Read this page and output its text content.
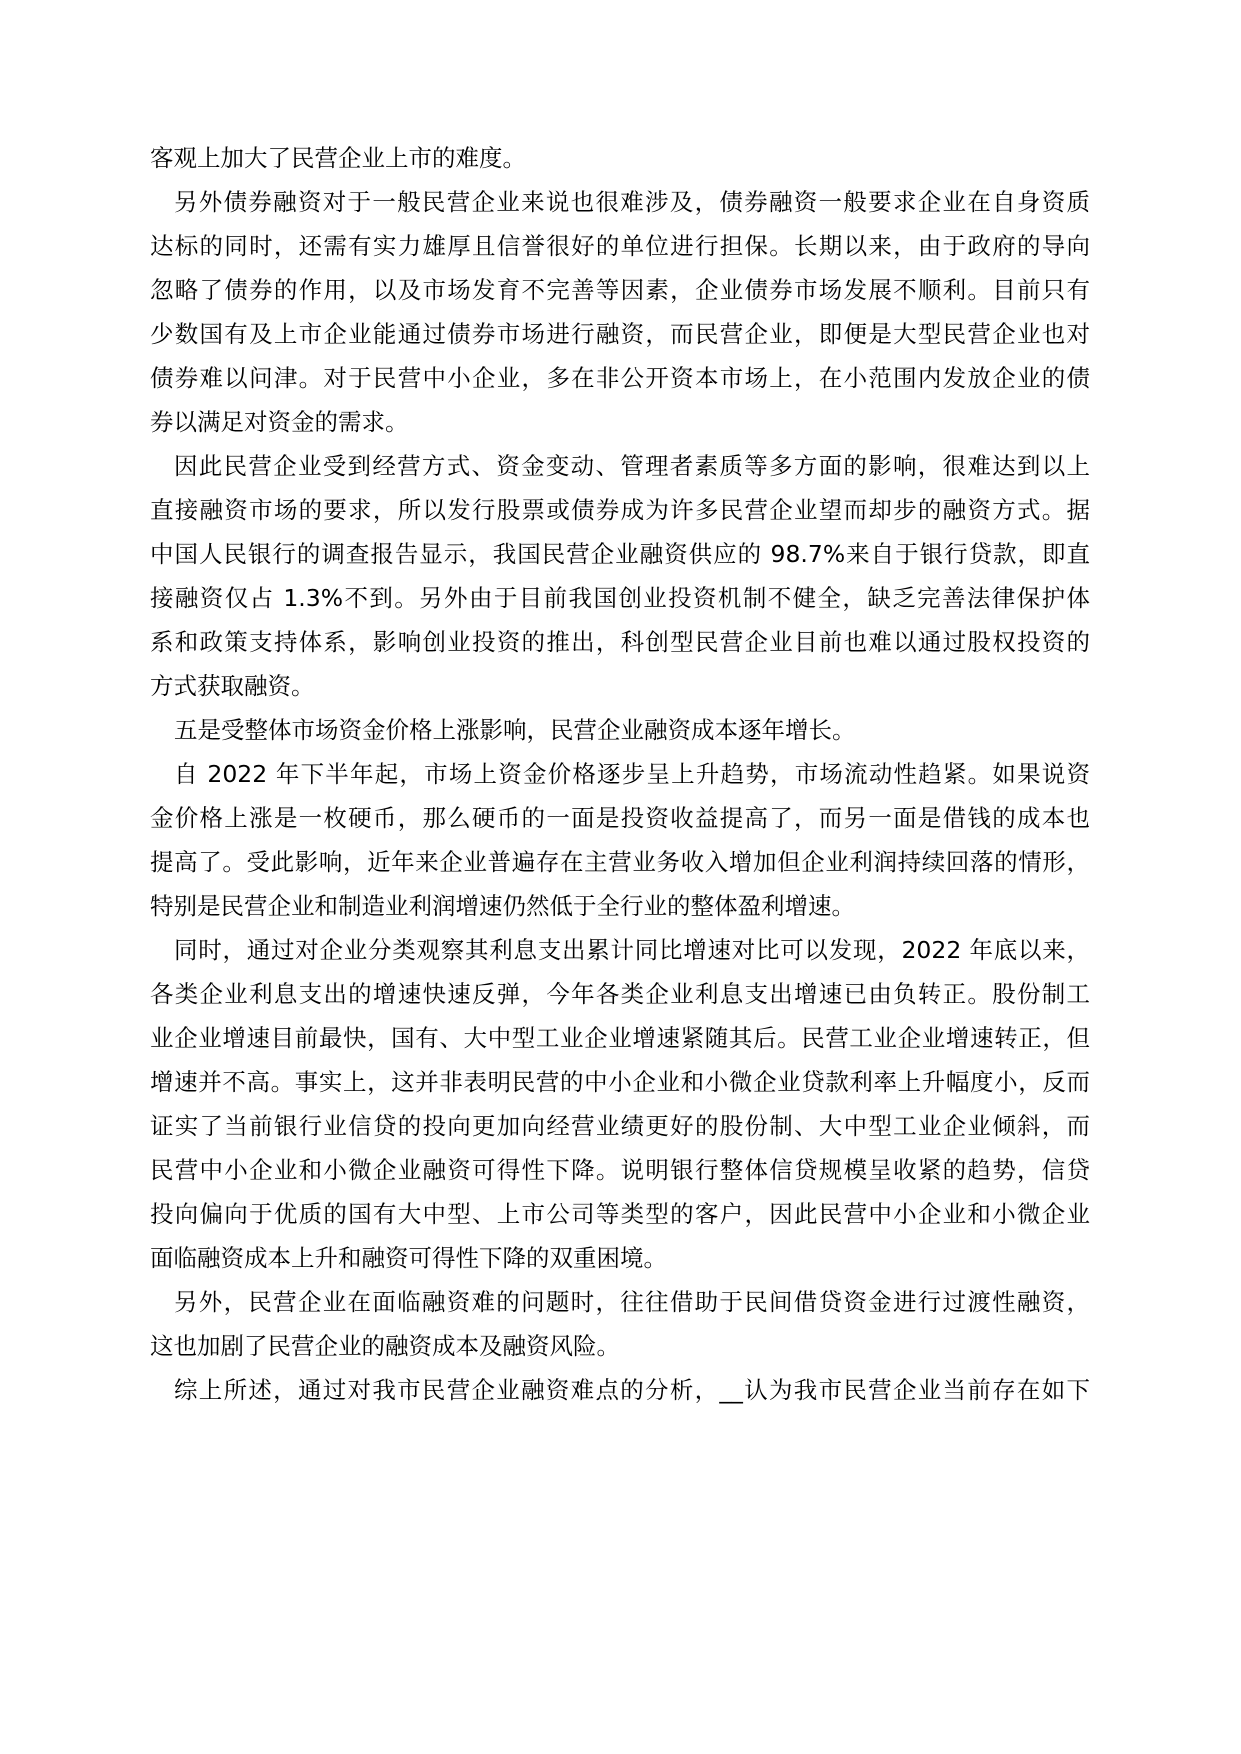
客观上加大了民营企业上市的难度。
另外债券融资对于一般民营企业来说也很难涉及，债券融资一般要求企业在自身资质
达标的同时，还需有实力雄厚且信誉很好的单位进行担保。长期以来，由于政府的导向
忽略了债券的作用，以及市场发育不完善等因素，企业债券市场发展不顺利。目前只有
少数国有及上市企业能通过债券市场进行融资，而民营企业，即便是大型民营企业也对
债券难以问津。对于民营中小企业，多在非公开资本市场上，在小范围内发放企业的债
券以满足对资金的需求。
因此民营企业受到经营方式、资金变动、管理者素质等多方面的影响，很难达到以上
直接融资市场的要求，所以发行股票或债券成为许多民营企业望而却步的融资方式。据
中国人民银行的调查报告显示，我国民营企业融资供应的 98.7%来自于银行贷款，即直
接融资仅占 1.3%不到。另外由于目前我国创业投资机制不健全，缺乏完善法律保护体
系和政策支持体系，影响创业投资的推出，科创型民营企业目前也难以通过股权投资的
方式获取融资。
五是受整体市场资金价格上涨影响，民营企业融资成本逐年增长。
自 2022 年下半年起，市场上资金价格逐步呈上升趋势，市场流动性趋紧。如果说资
金价格上涨是一枚硬币，那么硬币的一面是投资收益提高了，而另一面是借钱的成本也
提高了。受此影响，近年来企业普遍存在主营业务收入增加但企业利润持续回落的情形，
特别是民营企业和制造业利润增速仍然低于全行业的整体盈利增速。
同时，通过对企业分类观察其利息支出累计同比增速对比可以发现，2022 年底以来，
各类企业利息支出的增速快速反弹，今年各类企业利息支出增速已由负转正。股份制工
业企业增速目前最快，国有、大中型工业企业增速紧随其后。民营工业企业增速转正，但
增速并不高。事实上，这并非表明民营的中小企业和小微企业贷款利率上升幅度小，反而
证实了当前银行业信贷的投向更加向经营业绩更好的股份制、大中型工业企业倾斜，而
民营中小企业和小微企业融资可得性下降。说明银行整体信贷规模呈收紧的趋势，信贷
投向偏向于优质的国有大中型、上市公司等类型的客户，因此民营中小企业和小微企业
面临融资成本上升和融资可得性下降的双重困境。
另外，民营企业在面临融资难的问题时，往往借助于民间借贷资金进行过渡性融资，
这也加剧了民营企业的融资成本及融资风险。
综上所述，通过对我市民营企业融资难点的分析，__认为我市民营企业当前存在如下
